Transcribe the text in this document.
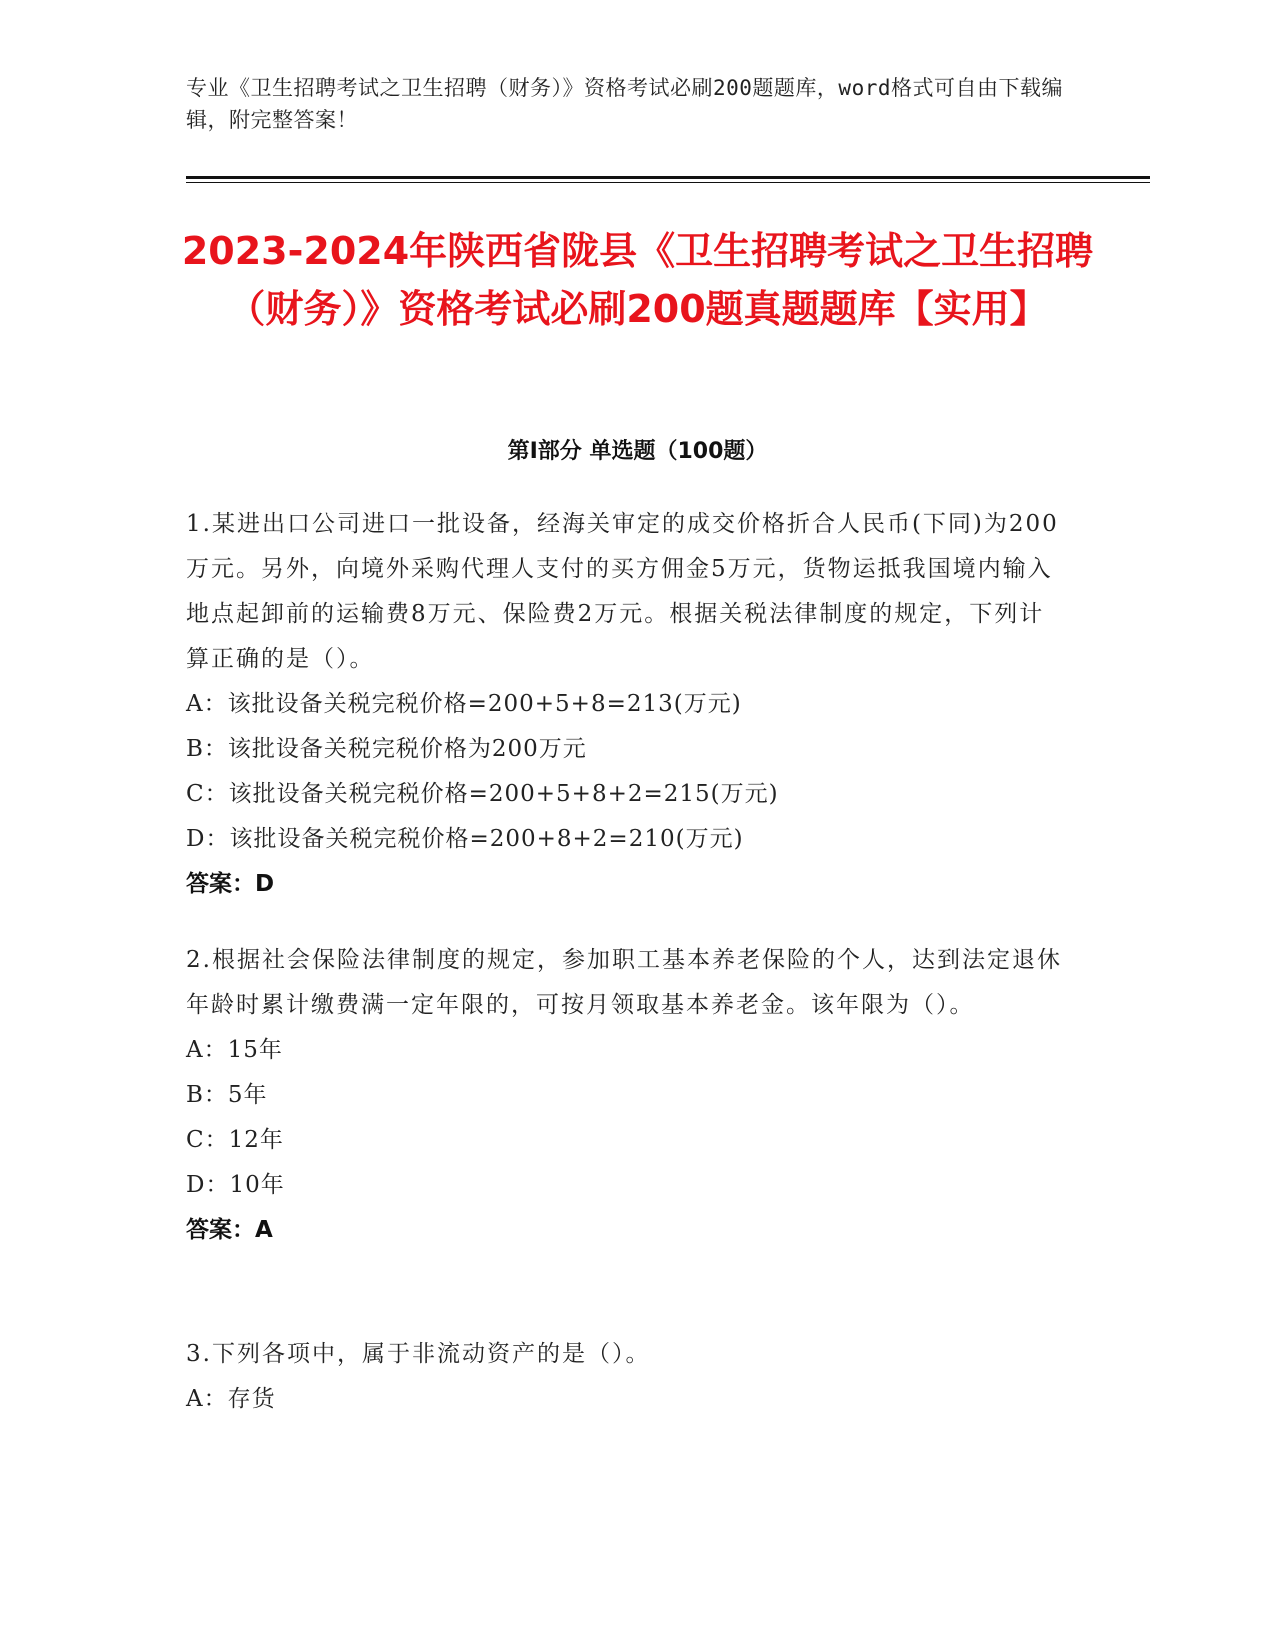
专业《卫生招聘考试之卫生招聘（财务）》资格考试必刷200题题库，word格式可自由下载编辑，附完整答案！
2023-2024年陕西省陇县《卫生招聘考试之卫生招聘（财务）》资格考试必刷200题真题题库【实用】
第Ⅰ部分 单选题（100题）
1.某进出口公司进口一批设备，经海关审定的成交价格折合人民币(下同)为200万元。另外，向境外采购代理人支付的买方佣金5万元，货物运抵我国境内输入地点起卸前的运输费8万元、保险费2万元。根据关税法律制度的规定，下列计算正确的是（）。
A：该批设备关税完税价格=200+5+8=213(万元)
B：该批设备关税完税价格为200万元
C：该批设备关税完税价格=200+5+8+2=215(万元)
D：该批设备关税完税价格=200+8+2=210(万元)
答案：D
2.根据社会保险法律制度的规定，参加职工基本养老保险的个人，达到法定退休年龄时累计缴费满一定年限的，可按月领取基本养老金。该年限为（）。
A：15年
B：5年
C：12年
D：10年
答案：A
3.下列各项中，属于非流动资产的是（）。
A：存货
